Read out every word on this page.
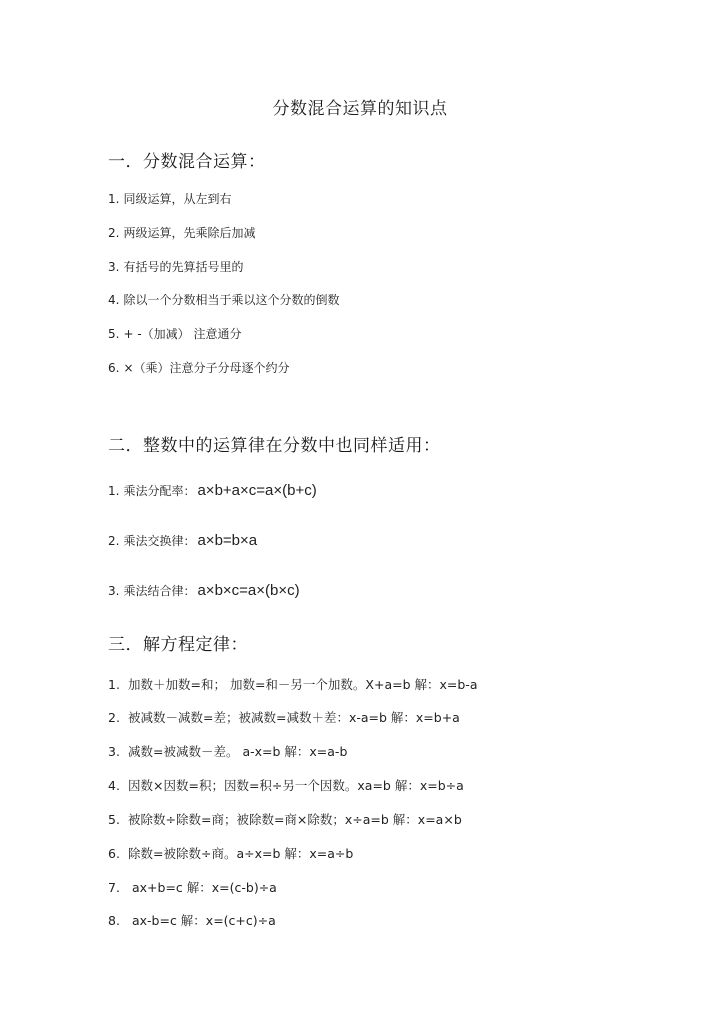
分数混合运算的知识点
一．分数混合运算：
1. 同级运算，从左到右
2. 两级运算，先乘除后加减
3. 有括号的先算括号里的
4. 除以一个分数相当于乘以这个分数的倒数
5. + -（加减） 注意通分
6. ×（乘）注意分子分母逐个约分
二．整数中的运算律在分数中也同样适用：
1. 乘法分配率： a×b+a×c=a×(b+c)
2. 乘法交换律： a×b=b×a
3. 乘法结合律： a×b×c=a×(b×c)
三．解方程定律：
1. 加数＋加数=和； 加数=和－另一个加数。X+a=b 解：x=b-a
2. 被减数－减数=差；被减数=减数＋差：x-a=b 解：x=b+a
3. 减数=被减数－差。 a-x=b 解：x=a-b
4. 因数×因数=积；因数=积÷另一个因数。xa=b 解：x=b÷a
5. 被除数÷除数=商；被除数=商×除数；x÷a=b 解：x=a×b
6. 除数=被除数÷商。a÷x=b 解：x=a÷b
7. ax+b=c 解：x=(c-b)÷a
8. ax-b=c 解：x=(c+c)÷a
